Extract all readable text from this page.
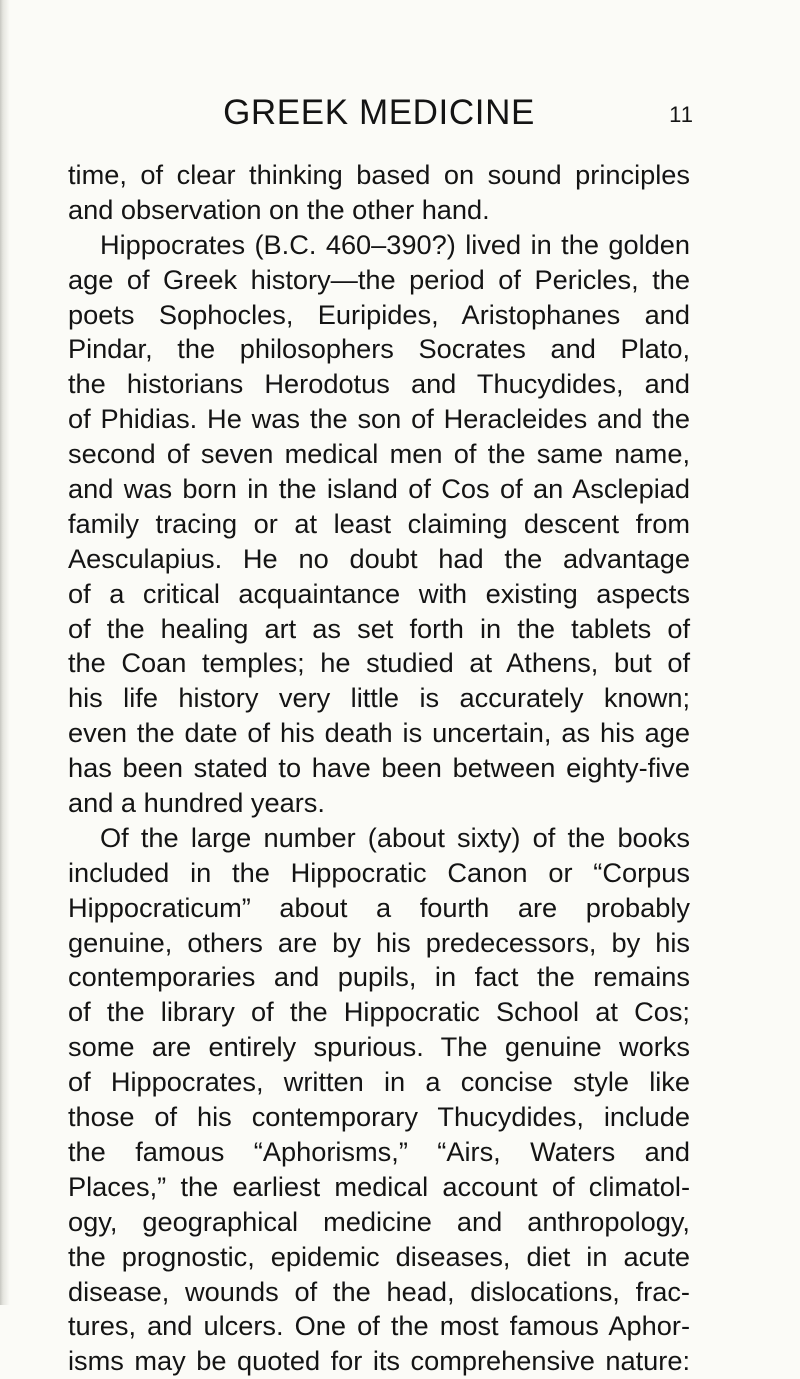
GREEK MEDICINE	11
time, of clear thinking based on sound principles
and observation on the other hand.
Hippocrates (B.C. 460–390?) lived in the golden
age of Greek history—the period of Pericles, the
poets Sophocles, Euripides, Aristophanes and
Pindar, the philosophers Socrates and Plato,
the historians Herodotus and Thucydides, and
of Phidias. He was the son of Heracleides and the
second of seven medical men of the same name,
and was born in the island of Cos of an Asclepiad
family tracing or at least claiming descent from
Aesculapius. He no doubt had the advantage
of a critical acquaintance with existing aspects
of the healing art as set forth in the tablets of
the Coan temples; he studied at Athens, but of
his life history very little is accurately known;
even the date of his death is uncertain, as his age
has been stated to have been between eighty-five
and a hundred years.
Of the large number (about sixty) of the books
included in the Hippocratic Canon or “Corpus
Hippocraticum” about a fourth are probably
genuine, others are by his predecessors, by his
contemporaries and pupils, in fact the remains
of the library of the Hippocratic School at Cos;
some are entirely spurious. The genuine works
of Hippocrates, written in a concise style like
those of his contemporary Thucydides, include
the famous “Aphorisms,” “Airs, Waters and
Places,” the earliest medical account of climatol-
ogy, geographical medicine and anthropology,
the prognostic, epidemic diseases, diet in acute
disease, wounds of the head, dislocations, frac-
tures, and ulcers. One of the most famous Aphor-
isms may be quoted for its comprehensive nature:
